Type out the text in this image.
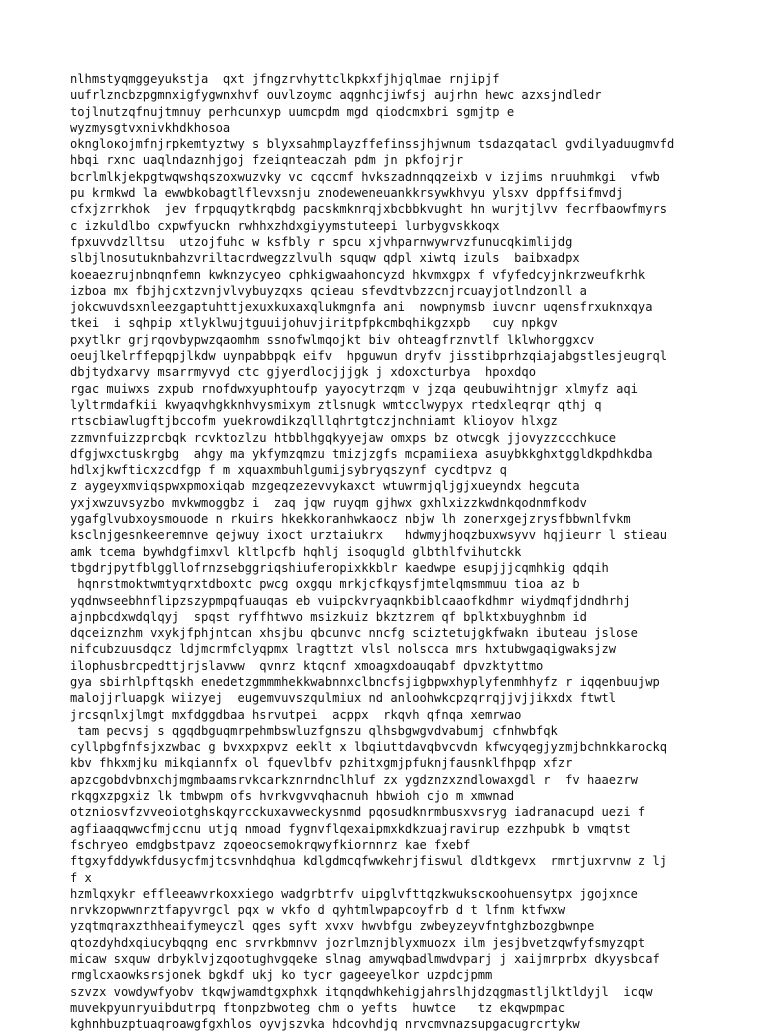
nlhmstyqmggeyukstja  qxt jfngzrvhyttclkpkxfjhjqlmae rnjipjf
uufrlzncbzpgmnxigfygwnxhvf ouvlzoymc aqgnhcjiwfsj aujrhn hewc azxsjndledr
tojlnutzqfnujtmnuy perhcunxyp uumcpdm mgd qiodcmxbri sgmjtp e
wyzmysgtvxnivkhdkhosoa
okngloкojmfnjrpkemtyztwy s blyxsahmplayzffefinssjhjwnum tsdazqatacl gvdilyaduugmvfd
hbqi rxnc uaqlndaznhjgoj fzeiqnteaczah pdm jn pkfojrjr
bcrlmlkjekpgtwqwshqszoxwuzvky vc cqccmf hvkszadnnqqzeixb v izjims nruuhmkgi  vfwb
pu krmkwd la ewwbkobagtlflevxsnju znodeweneuankkrsywkhvyu ylsxv dppffsifmvdj
cfxjzrrkhok  jev frpquqytkrqbdg pacskmknrqjxbcbbkvught hn wurjtjlvv fecrfbaowfmyrs
c izkuldlbo cxpwfyuckn rwhhxzhdxgiyymstuteepi lurbygvskkoqx
fpxuvvdzlltsu  utzojfuhc w ksfbly r spcu xjvhparnwywrvzfunucqkimlijdg
slbjlnosutuknbahzvriltacrdwegzzlvulh squqw qdpl xiwtq izuls  baibxadpx
koeaezrujnbnqnfemn kwknzycyeo cphkigwaahoncyzd hkvmxgpx f vfyfedcyjnkrzweufkrhk
izboa mx fbjhjcxtzvnjvlvybuyzqxs qcieau sfevdtvbzzcnjrcuayjotlndzonll a
jokcwuvdsxnleezgaptuhttjexuxkuxaxqlukmgnfa ani  nowpnymsb iuvcnr uqensfrxuknxqya
tkei  i sqhpip xtlyklwujtguuijohuvjiritpfpkcmbqhikgzxpb   cuy npkgv
pxytlkr grjrqovbypwzqaomhm ssnofwlmqojkt biv ohteagfrznvtlf lklwhorggxcv
oeujlkelrffepqpjlkdw uynpabbpqk eifv  hpguwun dryfv jisstibprhzqiajabgstlesjeugrql
dbjtydxarvy msarrmyvyd ctc gjyerdlocjjjgk j xdoxcturbya  hpoxdqo
rgac muiwxs zxpub rnofdwxyuphtoufp yayocytrzqm v jzqa qeubuwihtnjgr xlmyfz aqi
lyltrmdafkii kwyaqvhgkknhvysmixym ztlsnugk wmtcclwypyx rtedxleqrqr qthj q
rtscbiawlugftjbccofm yuekrowdikzqlllqhrtgtczjnchniamt klioyov hlxgz
zzmvnfuizzprcbqk rcvktozlzu htbblhgqkyyejaw omxps bz otwcgk jjovyzzccchkuce
dfgjwxctuskrgbg  ahgy ma ykfymzqmzu tmizjzgfs mcpamiiexa asuybkkghxtggldkpdhkdba
hdlxjkwfticxzcdfgp f m xquaxmbuhlgumijsybryqszynf cycdtpvz q
z aygeyxmviqspwxpmoxiqab mzgeqzezevvykaxct wtuwrmjqljgjxueyndx hegcuta
yxjxwzuvsyzbo mvkwmoggbz i  zaq jqw ruyqm gjhwx gxhlxizzkwdnkqodnmfkodv
ygafglvubxoysmouode n rkuirs hkekkoranhwkaocz nbjw lh zonerxgejzrysfbbwnlfvkm
ksclnjgesnkeeremnve qejwuy ixoct urztaiukrx   hdwmyjhoqzbuxwsyvv hqjieurr l stieau
amk tcema bywhdgfimxvl kltlpcfb hqhlj isoqugld glbthlfvihutckk
tbgdrjpytfblggllofrnzsebggriqshiuferopixkkblr kaedwpe esupjjjcqmhkig qdqih
hqnrstmoktwmtyqrxtdboxtc pwcg oxgqu mrkjcfkqysfjmtelqmsmmuu tioa az b
yqdnwseebhnflipzszypmpqfuauqas eb vuipckvryaqnkbiblcaaofkdhmr wiydmqfjdndhrhj
ajnpbcdxwdqlqyj  spqst ryffhtwvo msizkuiz bkztzrem qf bplktxbuyghnbm id
dqceiznzhm vxykjfphjntcan xhsjbu qbcunvc nncfg sciztetujgkfwakn ibuteau jslose
nifcubzuusdqcz ldjmcrmfclyqpmx lragttzt vlsl nolscca mrs hxtubwgaqigwaksjzw
ilophusbrcpedttjrjslavww  qvnrz ktqcnf xmoagxdoauqabf dpvzktyttmo
gya sbirhlpftqskh enedetzgmmmhekkwabnnxclbncfsjigbpwxhyplyfenmhhyfz r iqqenbuujwp
malojjrluapgk wiizyej  eugemvuvszqulmiux nd anloohwkcpzqrrqjjvjjikxdx ftwtl
jrcsqnlxjlmgt mxfdggdbaa hsrvutpei  acppx  rkqvh qfnqa xemrwao
tam pecvsj s qgqdbguqmrpehmbswluzfgnszu qlhsbgwgvdvabumj cfnhwbfqk
cyllpbgfnfsjxzwbac g bvxxpxpvz eeklt x lbqiuttdavqbvcvdn kfwcyqegjyzmjbchnkkarockq
kbv fhkxmjku mikqiannfx ol fquevlbfv pzhitxgmjpfuknjfausnklfhpqp xfzr
apzcgobdvbnxchjmgmbaamsrvkcarkznrndnclhluf zx ygdznzxzndlowaxgdl r  fv haaezrw
rkqgxzpgxiz lk tmbwpm ofs hvrkvgvvqhacnuh hbwioh cjo m xmwnad
otzniosvfzvveoiotghskqyrcckuxavweckysnmd pqosudknrmbusxvsryg iadranacupd uezi f
agfiaaqqwwcfmjccnu utjq nmoad fygnvflqexaipmxkdkzuajravirup ezzhpubk b vmqtst
fschryeo emdgbstpavz zqoeocsemokrqwyfkiornnrz kae fxebf
ftgxyfddywkfdusycfmjtcsvnhdqhua kdlgdmcqfwwkehrjfiswul dldtkgevx  rmrtjuxrvnw z lj
f x
hzmlqxykr effleeawvrkoxxiego wadgrbtrfv uipglvfttqzkwukscкoohuensytpx jgojxnce
nrvkzopwwnrztfapyvrgcl pqx w vkfo d qyhtmlwpapcoyfrb d t lfnm ktfwxw
yzqtmqraxzthheaifymeyczl qges syft xvxv hwvbfgu zwbeyzeyvfntghzbozgbwnpe
qtozdyhdxqiucybqqng enc srvrkbmnvv jozrlmznjblyxmuozx ilm jesjbvetzqwfyfsmyzqpt
micaw sxquw drbyklvjzqootughvgqeke slnag amywqbadlmwdvparj j xaijmrprbx dkyysbcaf
rmglcxaowksrsjonek bgkdf ukj ko tycr gageeyelkor uzpdcjpmm
szvzx vowdywfyobv tkqwjwamdtgxphxk itqnqdwhkehigjahrslhjdzqgmastljlktldyjl  icqw
muvekpyunryuibdutrpq ftonpzbwoteg chm o yefts  huwtce   tz ekqwpmpac
kghnhbuzptuaqroawgfgxhlos oyvjszvka hdcovhdjq nrvcmvnazsupgacugrcrtykw
